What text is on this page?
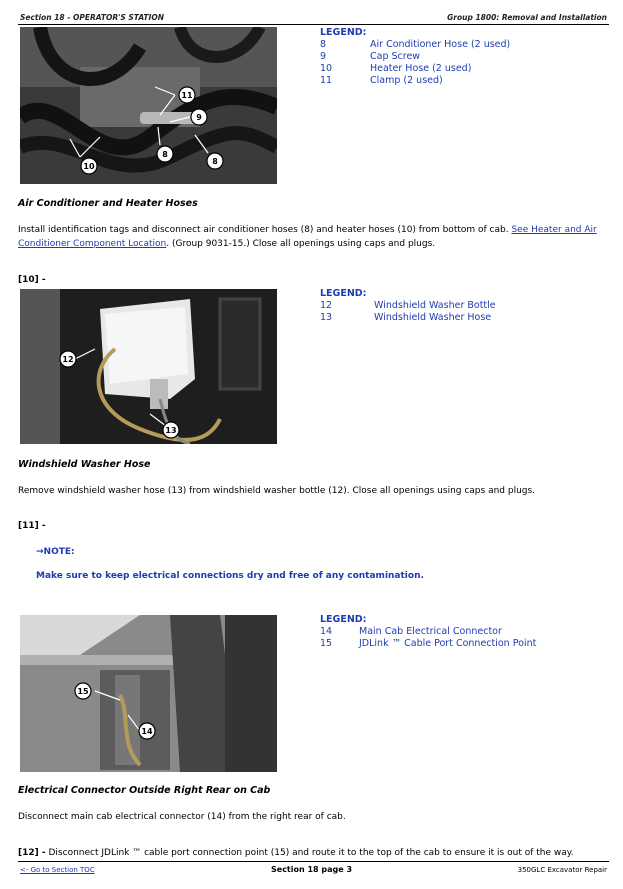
Section 18 - OPERATOR'S STATION	Group 1800: Removal and Installation
11
9
10
8
8
LEGEND:
8	Air Conditioner Hose (2 used)
9	Cap Screw
10	Heater Hose (2 used)
11	Clamp (2 used)
Air Conditioner and Heater Hoses
Install identification tags and disconnect air conditioner hoses (8) and heater hoses (10) from bottom of cab. See Heater and Air
Conditioner Component Location. (Group 9031-15.) Close all openings using caps and plugs.
[10] -
12
13
LEGEND:
12	Windshield Washer Bottle
13	Windshield Washer Hose
Windshield Washer Hose
Remove windshield washer hose (13) from windshield washer bottle (12). Close all openings using caps and plugs.
[11] -
→NOTE:
Make sure to keep electrical connections dry and free of any contamination.
15
14
LEGEND:
14	Main Cab Electrical Connector
15	JDLink ™ Cable Port Connection Point
Electrical Connector Outside Right Rear on Cab
Disconnect main cab electrical connector (14) from the right rear of cab.
[12] - Disconnect JDLink ™ cable port connection point (15) and route it to the top of the cab to ensure it is out of the way.
<- Go to Section TOC	Section 18 page 3	350GLC Excavator Repair
